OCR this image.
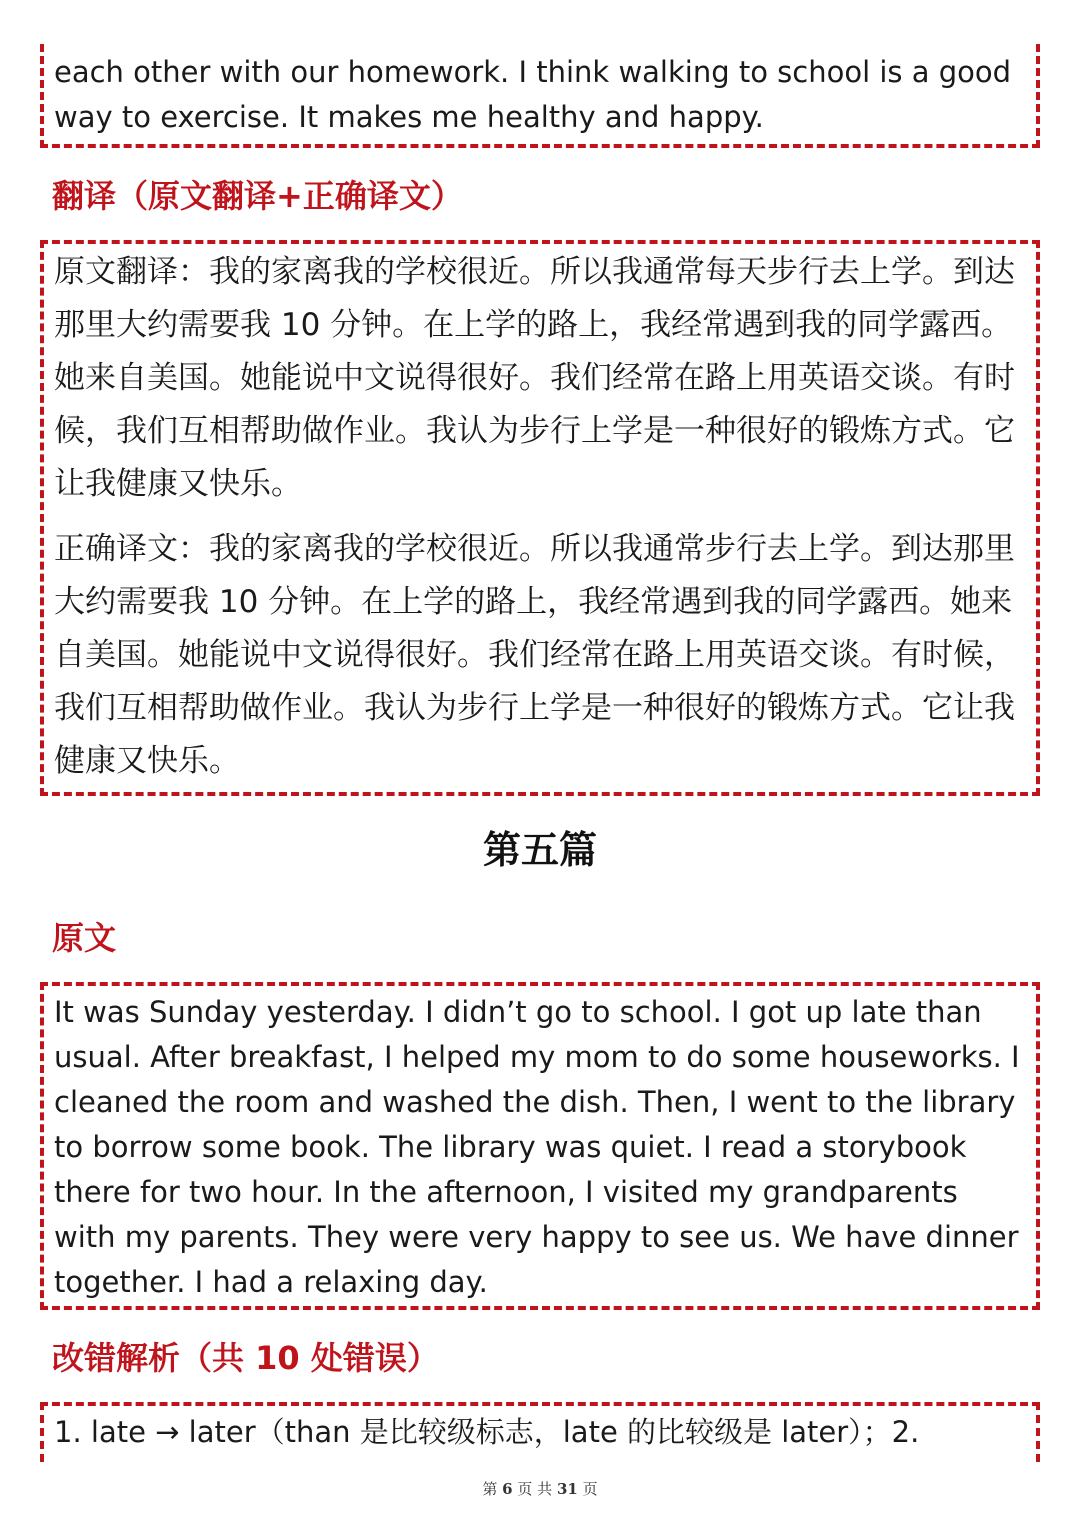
each other with our homework. I think walking to school is a good way to exercise. It makes me healthy and happy.

翻译（原文翻译+正确译文）

原文翻译：我的家离我的学校很近。所以我通常每天步行去上学。到达那里大约需要我 10 分钟。在上学的路上，我经常遇到我的同学露西。她来自美国。她能说中文说得很好。我们经常在路上用英语交谈。有时候，我们互相帮助做作业。我认为步行上学是一种很好的锻炼方式。它让我健康又快乐。

正确译文：我的家离我的学校很近。所以我通常步行去上学。到达那里大约需要我 10 分钟。在上学的路上，我经常遇到我的同学露西。她来自美国。她能说中文说得很好。我们经常在路上用英语交谈。有时候，我们互相帮助做作业。我认为步行上学是一种很好的锻炼方式。它让我健康又快乐。

第五篇
原文

It was Sunday yesterday. I didn’t go to school. I got up late than usual. After breakfast, I helped my mom to do some houseworks. I cleaned the room and washed the dish. Then, I went to the library to borrow some book. The library was quiet. I read a storybook there for two hour. In the afternoon, I visited my grandparents with my parents. They were very happy to see us. We have dinner together. I had a relaxing day.

改错解析（共 10 处错误）

1. late → later（than 是比较级标志，late 的比较级是 later）；2.

第 6 页 共 31 页
